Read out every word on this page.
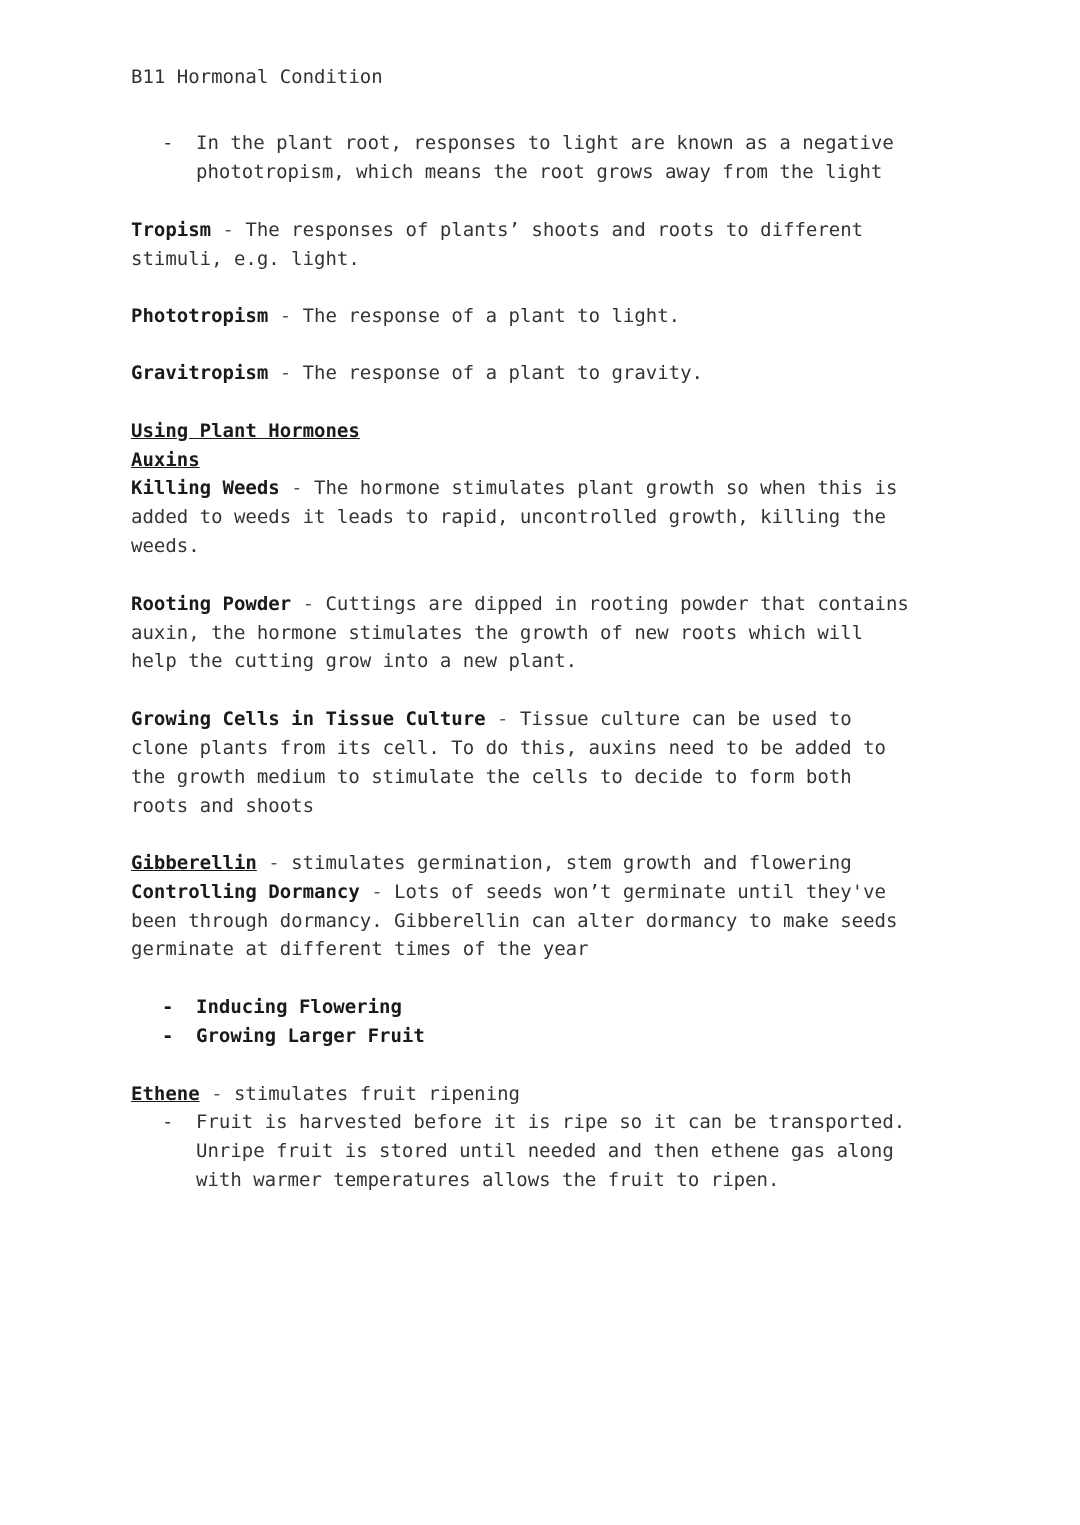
B11 Hormonal Condition
- In the plant root, responses to light are known as a negative
phototropism, which means the root grows away from the light
Tropism - The responses of plants’ shoots and roots to different
stimuli, e.g. light.
Phototropism - The response of a plant to light.
Gravitropism - The response of a plant to gravity.
Using Plant Hormones
Auxins
Killing Weeds - The hormone stimulates plant growth so when this is
added to weeds it leads to rapid, uncontrolled growth, killing the
weeds.
Rooting Powder - Cuttings are dipped in rooting powder that contains
auxin, the hormone stimulates the growth of new roots which will
help the cutting grow into a new plant.
Growing Cells in Tissue Culture - Tissue culture can be used to
clone plants from its cell. To do this, auxins need to be added to
the growth medium to stimulate the cells to decide to form both
roots and shoots
Gibberellin - stimulates germination, stem growth and flowering
Controlling Dormancy - Lots of seeds won’t germinate until they've
been through dormancy. Gibberellin can alter dormancy to make seeds
germinate at different times of the year
- Inducing Flowering
- Growing Larger Fruit
Ethene - stimulates fruit ripening
- Fruit is harvested before it is ripe so it can be transported.
Unripe fruit is stored until needed and then ethene gas along
with warmer temperatures allows the fruit to ripen.
